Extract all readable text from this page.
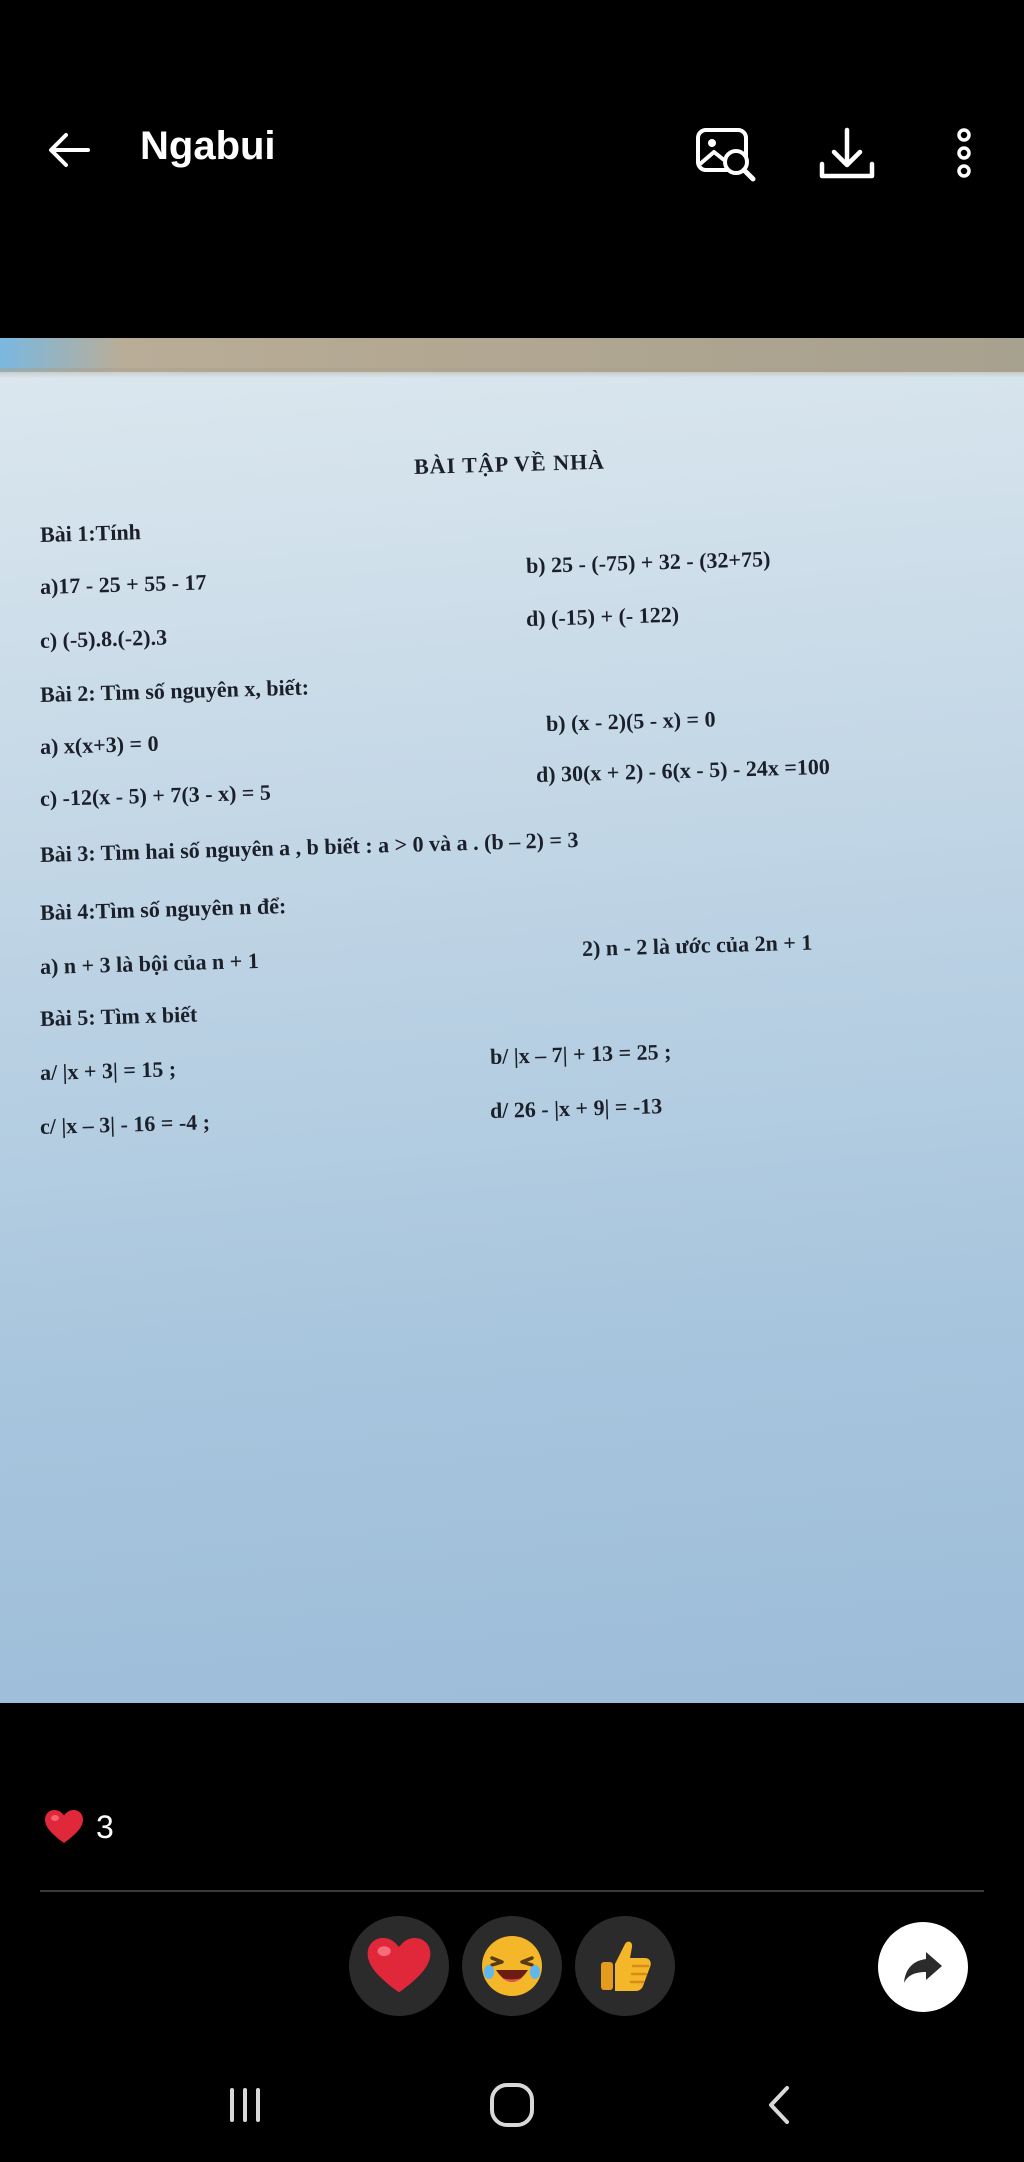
Ngabui
BÀI TẬP VỀ NHÀ
Bài 1:Tính
a)17 - 25 + 55 - 17
b) 25 - (-75) + 32 - (32+75)
c) (-5).8.(-2).3
d) (-15) + (- 122)
Bài 2: Tìm số nguyên x, biết:
a) x(x+3) = 0
b) (x - 2)(5 - x) = 0
c) -12(x - 5) + 7(3 - x) = 5
d) 30(x + 2) - 6(x - 5) - 24x =100
Bài 3: Tìm hai số nguyên a , b biết : a > 0 và a . (b – 2) = 3
Bài 4:Tìm số nguyên n để:
a) n + 3 là bội của n + 1
2) n - 2 là ước của 2n + 1
Bài 5: Tìm x biết
a/ |x + 3| = 15 ;
b/ |x – 7| + 13 = 25 ;
c/ |x – 3| - 16 = -4 ;
d/ 26 - |x + 9| = -13
3
